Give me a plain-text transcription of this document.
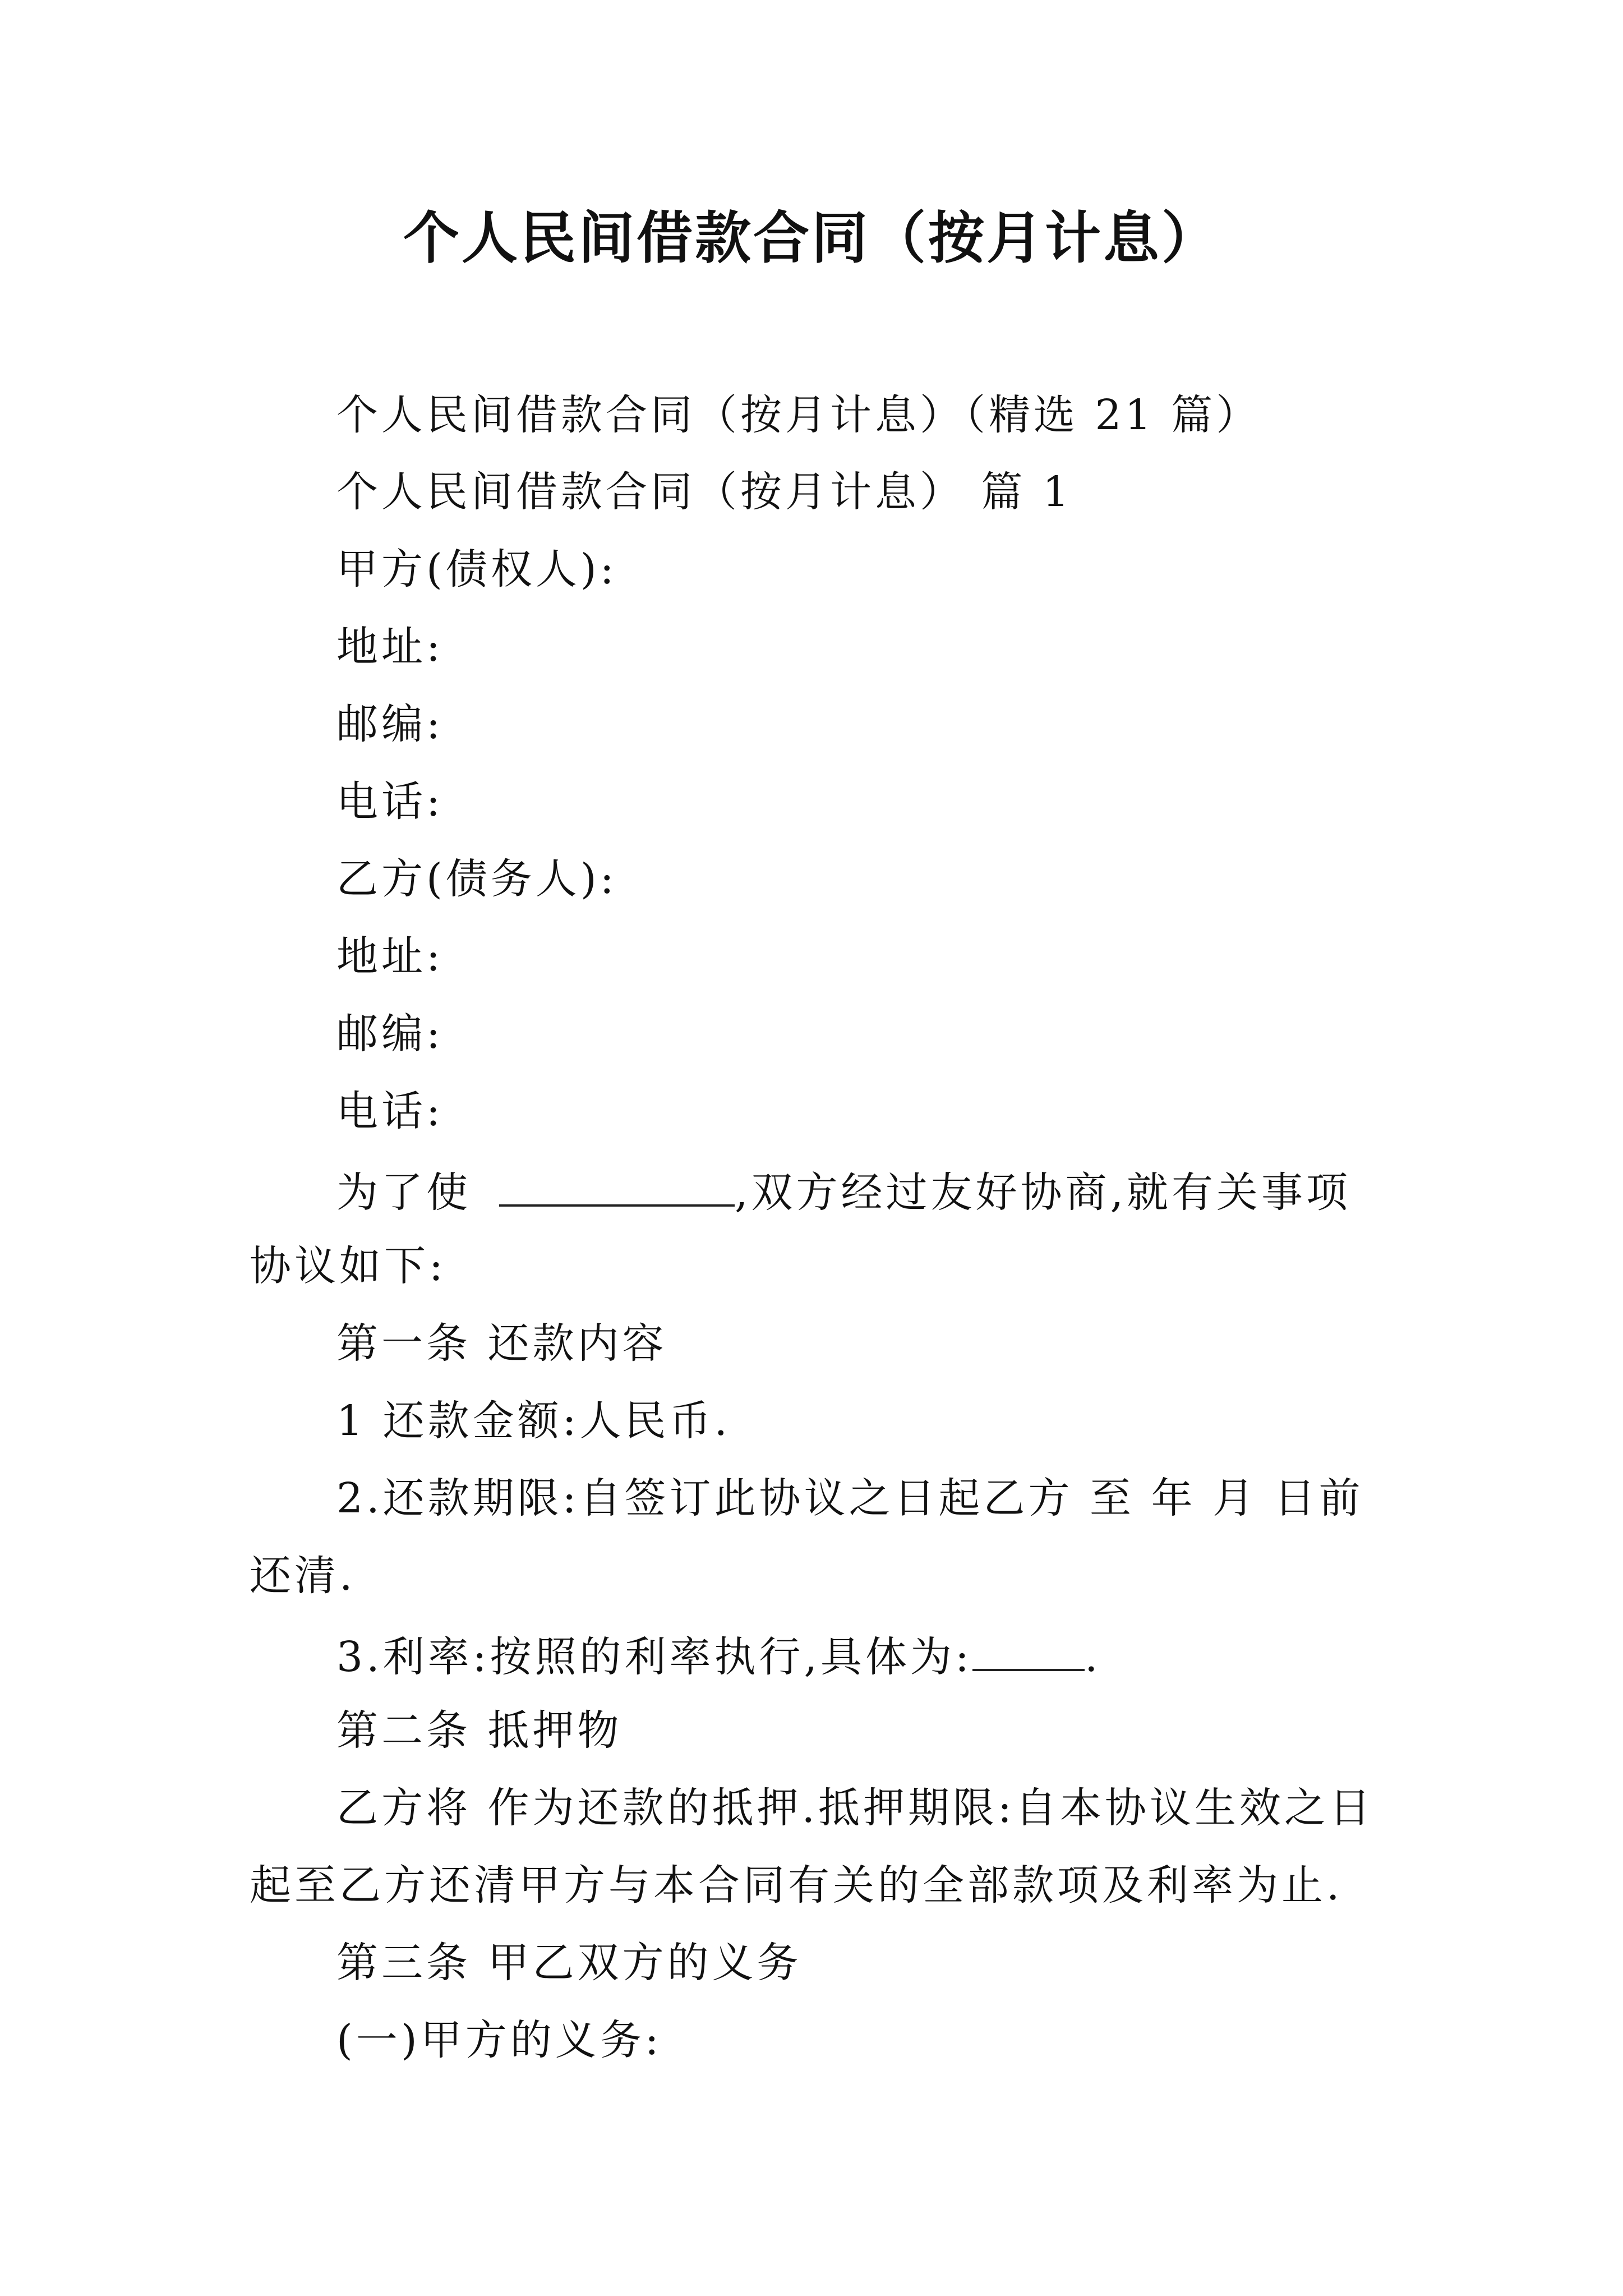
个人民间借款合同（按月计息）
个人民间借款合同（按月计息）（精选 21 篇）
个人民间借款合同（按月计息） 篇 1
甲方(债权人):
地址:
邮编:
电话:
乙方(债务人):
地址:
邮编:
电话:
为了使	,双方经过友好协商,就有关事项
协议如下:
第一条 还款内容
1 还款金额:人民币.
2.还款期限:自签订此协议之日起乙方 至 年 月 日前
还清.
3.利率:按照的利率执行,具体为:	.
第二条 抵押物
乙方将 作为还款的抵押.抵押期限:自本协议生效之日
起至乙方还清甲方与本合同有关的全部款项及利率为止.
第三条 甲乙双方的义务
(一)甲方的义务:
